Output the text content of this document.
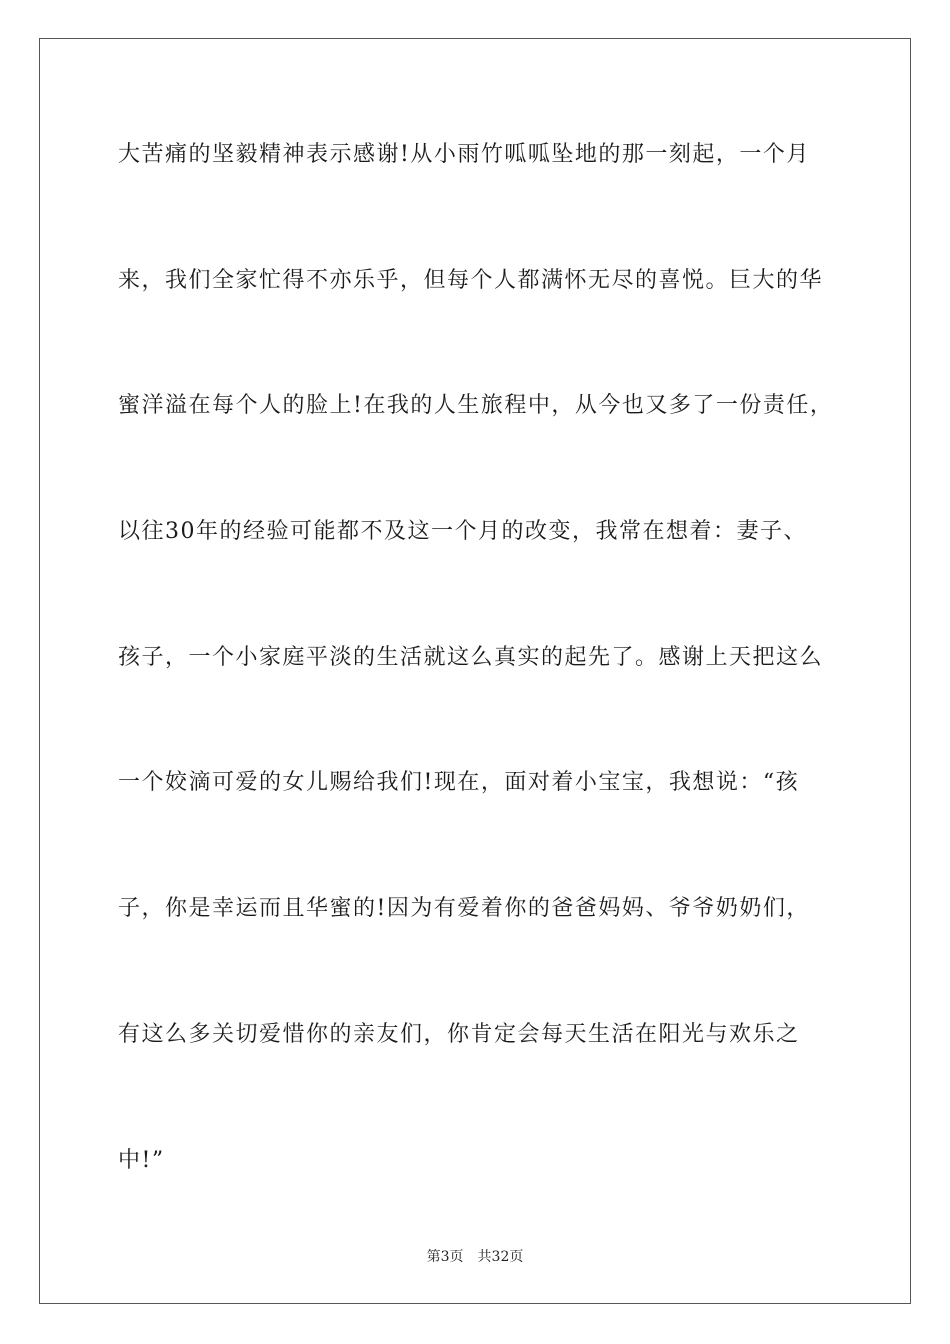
大苦痛的坚毅精神表示感谢!从小雨竹呱呱坠地的那一刻起，一个月
来，我们全家忙得不亦乐乎，但每个人都满怀无尽的喜悦。巨大的华
蜜洋溢在每个人的脸上!在我的人生旅程中，从今也又多了一份责任，
以往30年的经验可能都不及这一个月的改变，我常在想着：妻子、
孩子，一个小家庭平淡的生活就这么真实的起先了。感谢上天把这么
一个姣滴可爱的女儿赐给我们!现在，面对着小宝宝，我想说：“孩
子，你是幸运而且华蜜的!因为有爱着你的爸爸妈妈、爷爷奶奶们，
有这么多关切爱惜你的亲友们，你肯定会每天生活在阳光与欢乐之
中!”
第3页 共32页
